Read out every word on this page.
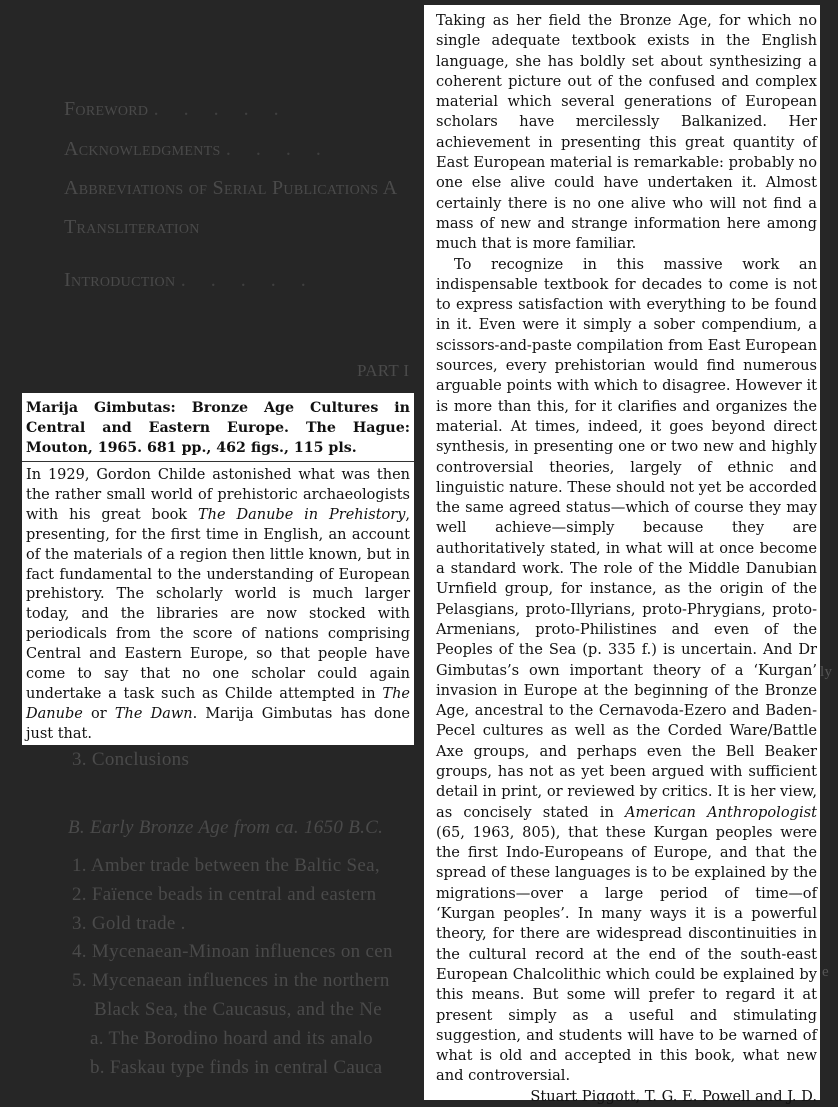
Foreword . . . . .
Acknowledgments . . . .
Abbreviations of Serial Publications A
Transliteration
Introduction . . . . .
PART I
3. Conclusions
B. Early Bronze Age from ca. 1650 B.C.
1. Amber trade between the Baltic Sea,
2. Faïence beads in central and eastern
3. Gold trade .
4. Mycenaean-Minoan influences on cen
5. Mycenaean influences in the northern
Black Sea, the Caucasus, and the Ne
a. The Borodino hoard and its analo
b. Faskau type finds in central Cauca
ly
e

Marija Gimbutas: Bronze Age Cultures in Central and Eastern Europe. The Hague: Mouton, 1965. 681 pp., 462 figs., 115 pls.

In 1929, Gordon Childe astonished what was then the rather small world of prehistoric archaeologists with his great book The Danube in Prehistory, presenting, for the first time in English, an account of the materials of a region then little known, but in fact fundamental to the understanding of European prehistory. The scholarly world is much larger today, and the libraries are now stocked with periodicals from the score of nations comprising Central and Eastern Europe, so that people have come to say that no one scholar could again undertake a task such as Childe attempted in The Danube or The Dawn. Marija Gimbutas has done just that.

Taking as her field the Bronze Age, for which no single adequate textbook exists in the English language, she has boldly set about synthesizing a coherent picture out of the confused and complex material which several generations of European scholars have mercilessly Balkanized. Her achievement in presenting this great quantity of East European material is remarkable: probably no one else alive could have undertaken it. Almost certainly there is no one alive who will not find a mass of new and strange information here among much that is more familiar.

To recognize in this massive work an indispensable textbook for decades to come is not to express satisfaction with everything to be found in it. Even were it simply a sober compendium, a scissors-and-paste compilation from East European sources, every prehistorian would find numerous arguable points with which to disagree. However it is more than this, for it clarifies and organizes the material. At times, indeed, it goes beyond direct synthesis, in presenting one or two new and highly controversial theories, largely of ethnic and linguistic nature. These should not yet be accorded the same agreed status—which of course they may well achieve—simply because they are authoritatively stated, in what will at once become a standard work. The role of the Middle Danubian Urnfield group, for instance, as the origin of the Pelasgians, proto-Illyrians, proto-Phrygians, proto-Armenians, proto-Philistines and even of the Peoples of the Sea (p. 335 f.) is uncertain. And Dr Gimbutas’s own important theory of a ‘Kurgan’ invasion in Europe at the beginning of the Bronze Age, ancestral to the Cernavoda-Ezero and Baden-Pecel cultures as well as the Corded Ware/Battle Axe groups, and perhaps even the Bell Beaker groups, has not as yet been argued with sufficient detail in print, or reviewed by critics. It is her view, as concisely stated in American Anthropologist (65, 1963, 805), that these Kurgan peoples were the first Indo-Europeans of Europe, and that the spread of these languages is to be explained by the migrations—over a large period of time—of ‘Kurgan peoples’. In many ways it is a powerful theory, for there are widespread discontinuities in the cultural record at the end of the south-east European Chalcolithic which could be explained by this means. But some will prefer to regard it at present simply as a useful and stimulating suggestion, and students will have to be warned of what is old and accepted in this book, what new and controversial.

Stuart Piggott, T. G. E. Powell and J. D.
